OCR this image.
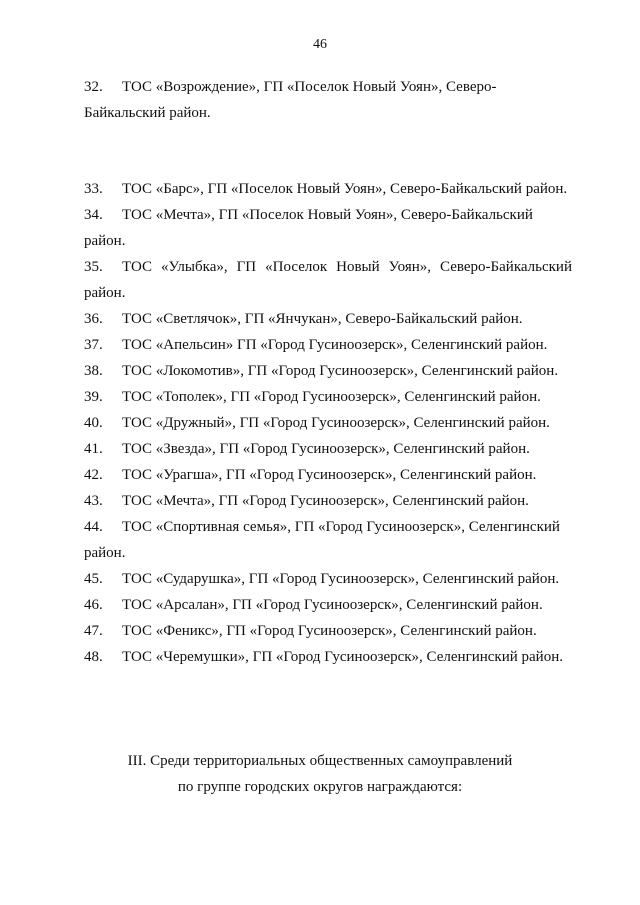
46

32. ТОС «Возрождение», ГП «Поселок Новый Уоян», Северо-Байкальский район.

33. ТОС «Барс», ГП «Поселок Новый Уоян», Северо-Байкальский район.

34. ТОС «Мечта», ГП «Поселок Новый Уоян», Северо-Байкальский район.

35. ТОС «Улыбка», ГП «Поселок Новый Уоян», Северо-Байкальский район.

36. ТОС «Светлячок», ГП «Янчукан», Северо-Байкальский район.

37. ТОС «Апельсин» ГП «Город Гусиноозерск», Селенгинский район.

38. ТОС «Локомотив», ГП «Город Гусиноозерск», Селенгинский район.

39. ТОС «Тополек», ГП «Город Гусиноозерск», Селенгинский район.

40. ТОС «Дружный», ГП «Город Гусиноозерск», Селенгинский район.

41. ТОС «Звезда», ГП «Город Гусиноозерск», Селенгинский район.

42. ТОС «Урагша», ГП «Город Гусиноозерск», Селенгинский район.

43. ТОС «Мечта», ГП «Город Гусиноозерск», Селенгинский район.

44. ТОС «Спортивная семья», ГП «Город Гусиноозерск», Селенгинский район.

45. ТОС «Сударушка», ГП «Город Гусиноозерск», Селенгинский район.

46. ТОС «Арсалан», ГП «Город Гусиноозерск», Селенгинский район.

47. ТОС «Феникс», ГП «Город Гусиноозерск», Селенгинский район.

48. ТОС «Черемушки», ГП «Город Гусиноозерск», Селенгинский район.

III. Среди территориальных общественных самоуправлений
по группе городских округов награждаются:
